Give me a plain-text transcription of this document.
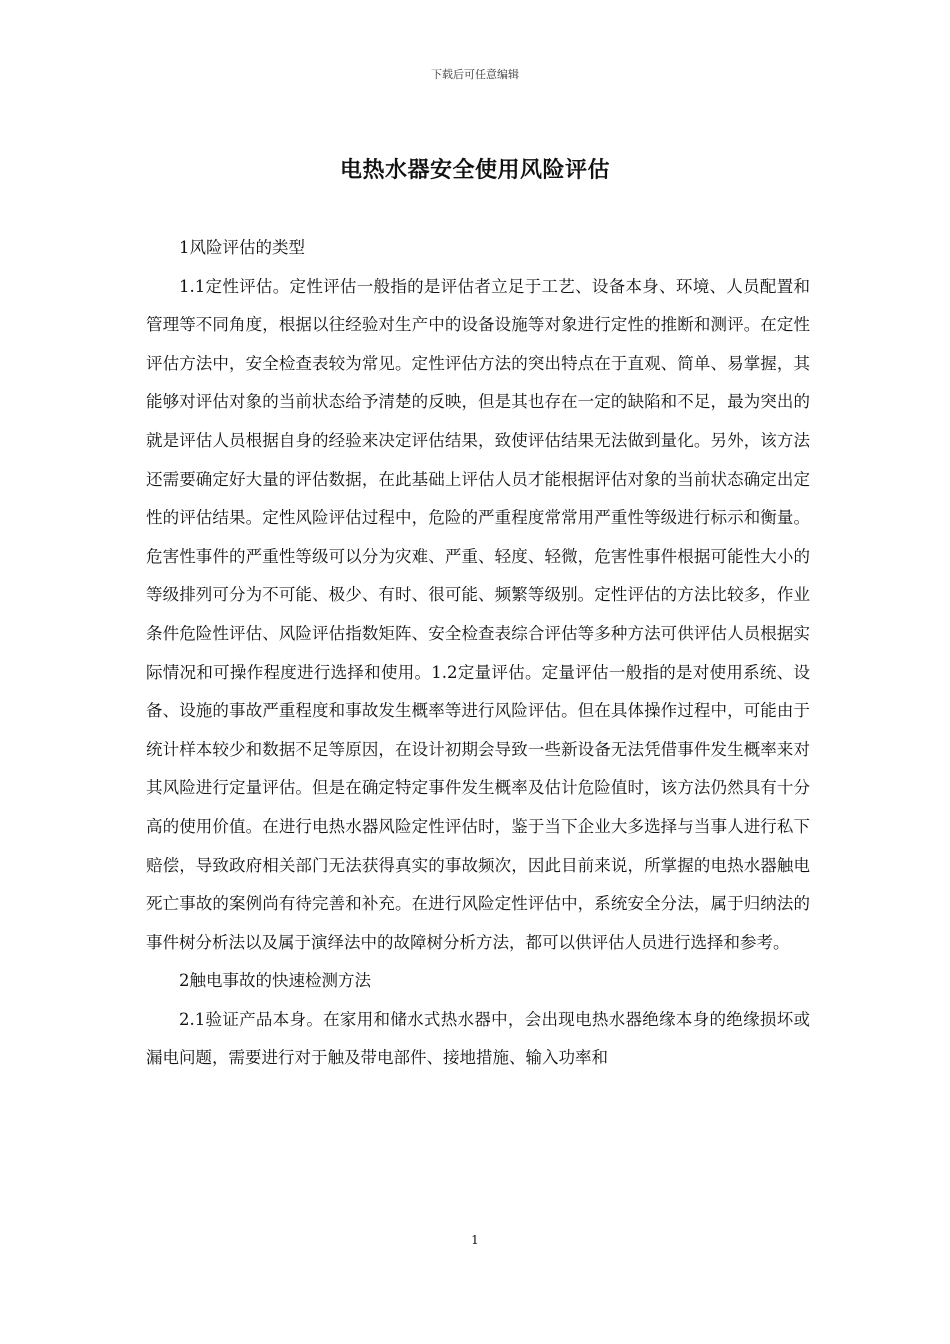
下载后可任意编辑
电热水器安全使用风险评估

1风险评估的类型

1.1定性评估。定性评估一般指的是评估者立足于工艺、设备本身、环境、人员配置和管理等不同角度，根据以往经验对生产中的设备设施等对象进行定性的推断和测评。在定性评估方法中，安全检查表较为常见。定性评估方法的突出特点在于直观、简单、易掌握，其能够对评估对象的当前状态给予清楚的反映，但是其也存在一定的缺陷和不足，最为突出的就是评估人员根据自身的经验来决定评估结果，致使评估结果无法做到量化。另外，该方法还需要确定好大量的评估数据，在此基础上评估人员才能根据评估对象的当前状态确定出定性的评估结果。定性风险评估过程中，危险的严重程度常常用严重性等级进行标示和衡量。危害性事件的严重性等级可以分为灾难、严重、轻度、轻微，危害性事件根据可能性大小的等级排列可分为不可能、极少、有时、很可能、频繁等级别。定性评估的方法比较多，作业条件危险性评估、风险评估指数矩阵、安全检查表综合评估等多种方法可供评估人员根据实际情况和可操作程度进行选择和使用。1.2定量评估。定量评估一般指的是对使用系统、设备、设施的事故严重程度和事故发生概率等进行风险评估。但在具体操作过程中，可能由于统计样本较少和数据不足等原因，在设计初期会导致一些新设备无法凭借事件发生概率来对其风险进行定量评估。但是在确定特定事件发生概率及估计危险值时，该方法仍然具有十分高的使用价值。在进行电热水器风险定性评估时，鉴于当下企业大多选择与当事人进行私下赔偿，导致政府相关部门无法获得真实的事故频次，因此目前来说，所掌握的电热水器触电死亡事故的案例尚有待完善和补充。在进行风险定性评估中，系统安全分法，属于归纳法的事件树分析法以及属于演绎法中的故障树分析方法，都可以供评估人员进行选择和参考。

2触电事故的快速检测方法

2.1验证产品本身。在家用和储水式热水器中，会出现电热水器绝缘本身的绝缘损坏或漏电问题，需要进行对于触及带电部件、接地措施、输入功率和

1
